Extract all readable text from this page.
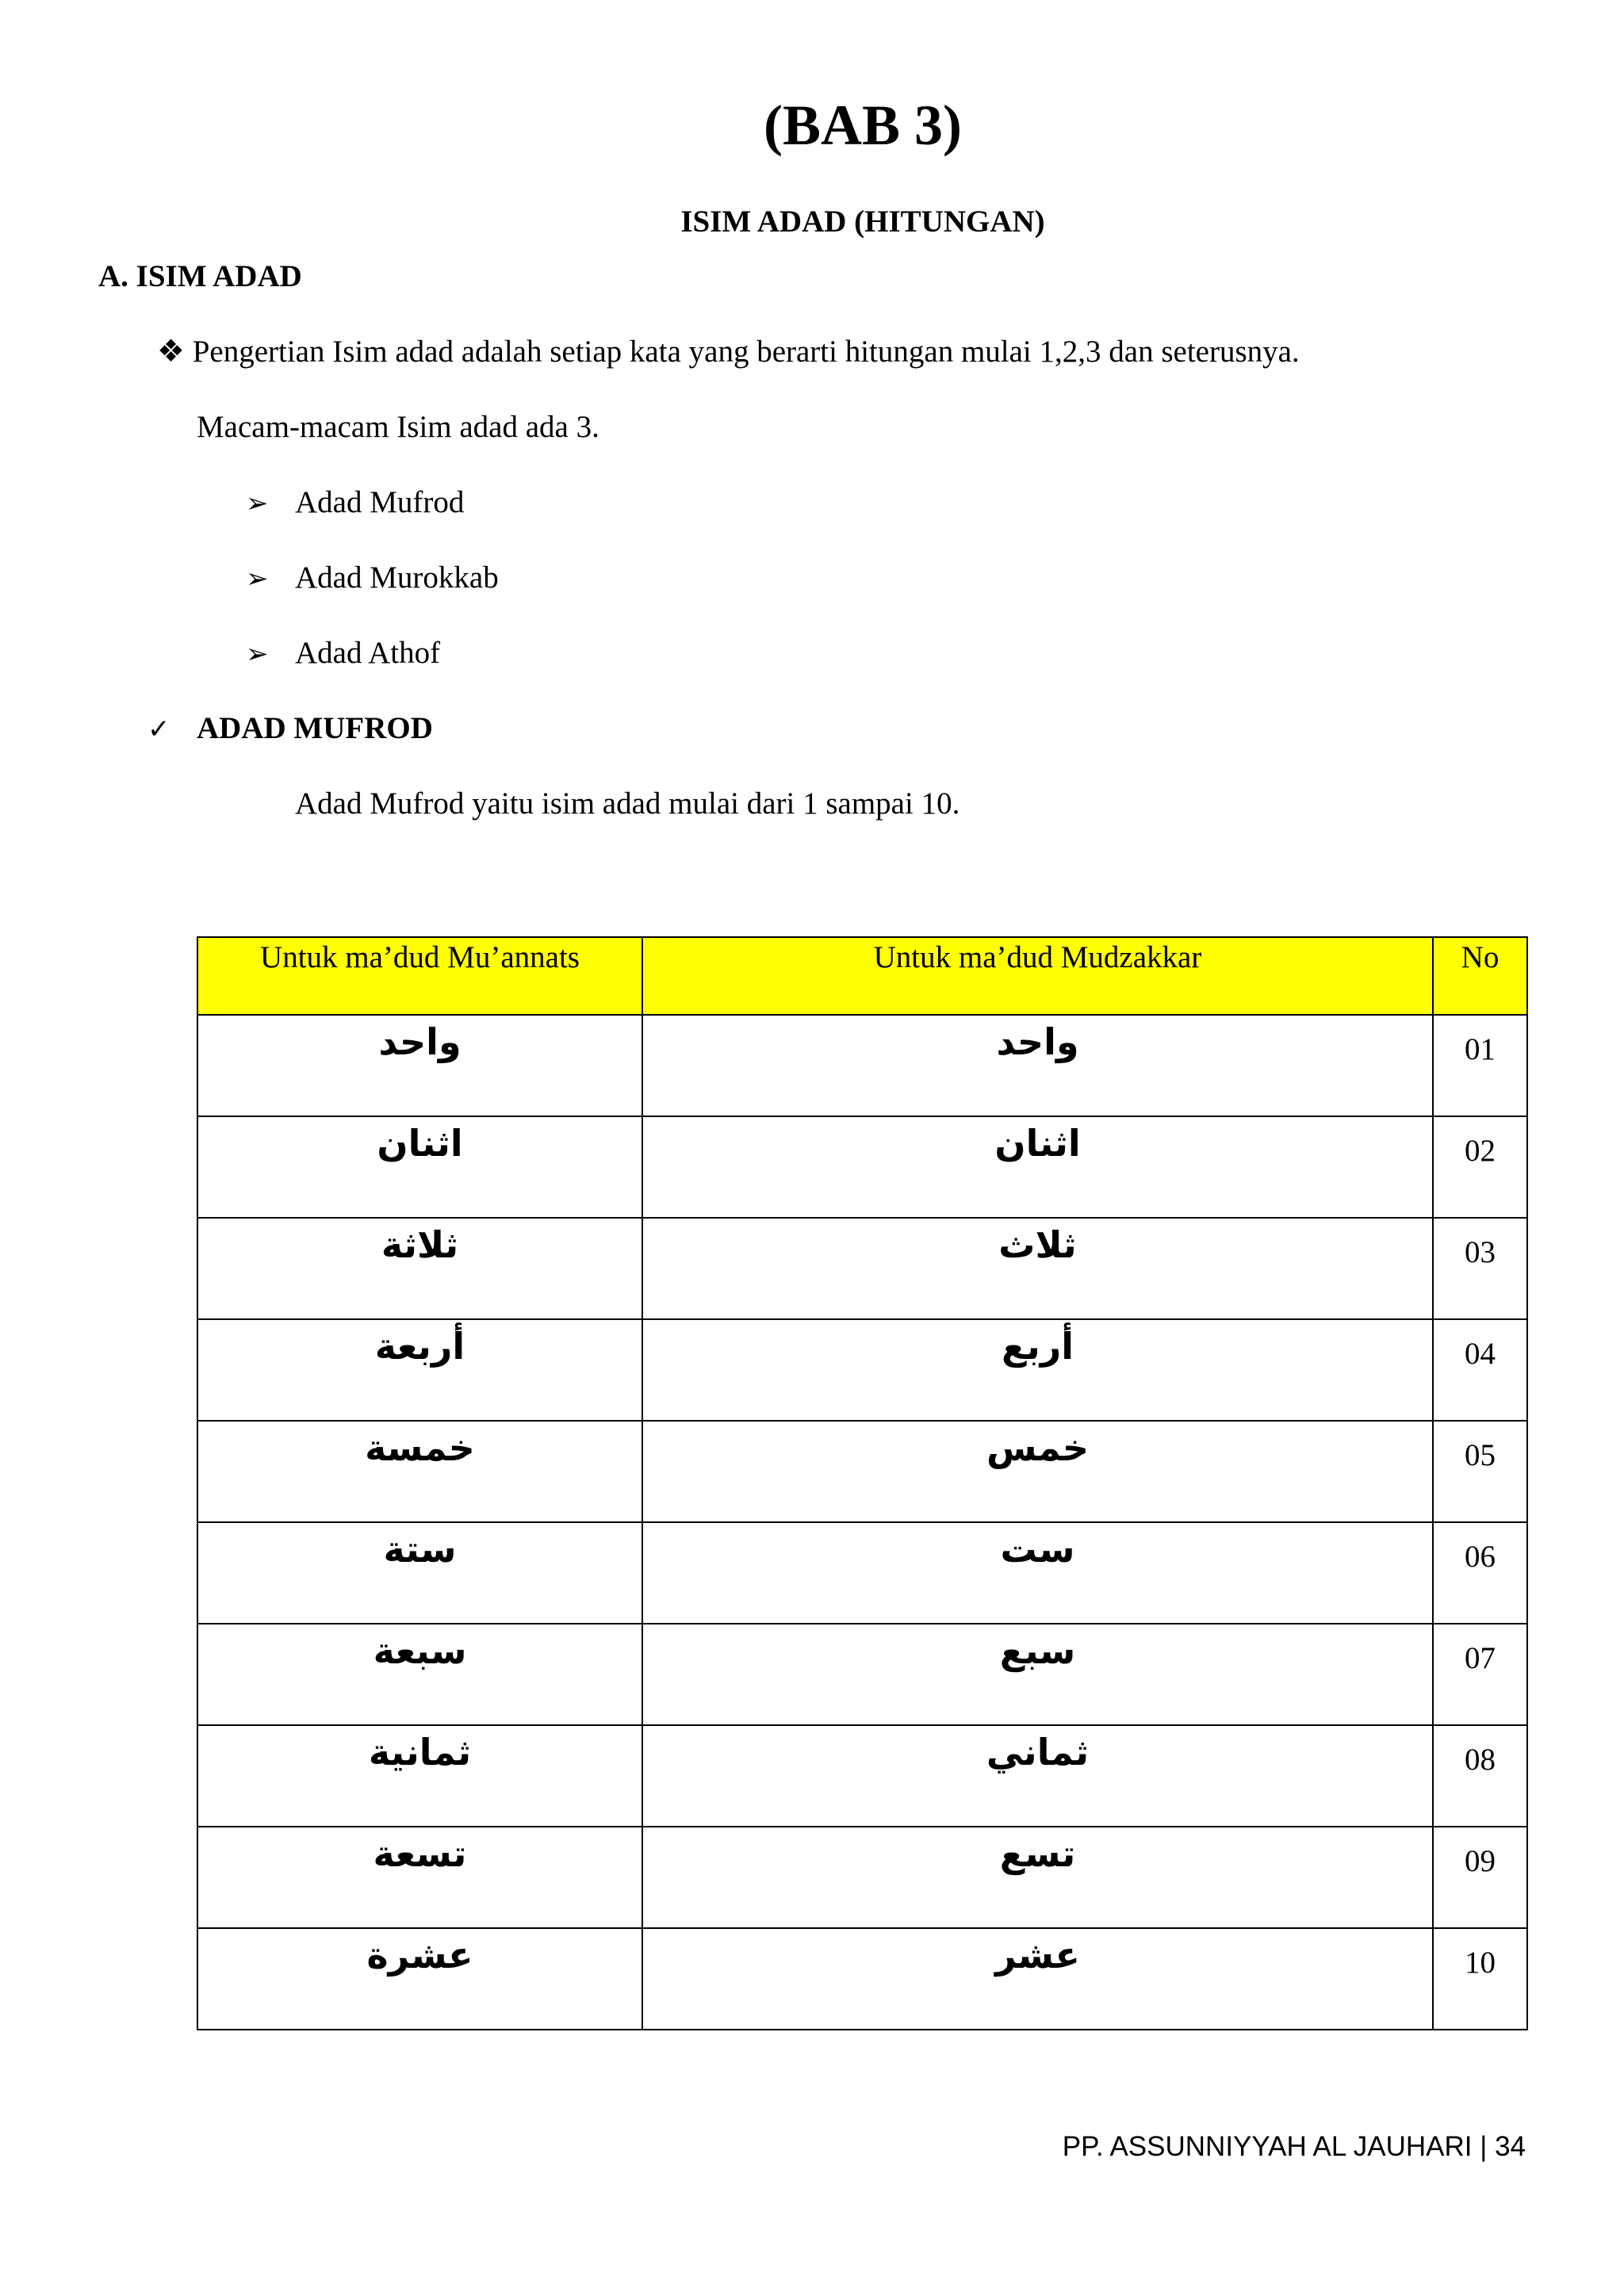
(BAB 3)
ISIM ADAD (HITUNGAN)
A. ISIM ADAD
❖ Pengertian Isim adad adalah setiap kata yang berarti hitungan mulai 1,2,3 dan seterusnya.
Macam-macam Isim adad ada 3.
➢ Adad Mufrod
➢ Adad Murokkab
➢ Adad Athof
✓ ADAD MUFROD
Adad Mufrod yaitu isim adad mulai dari 1 sampai 10.
Untuk ma’dud Mu’annats	Untuk ma’dud Mudzakkar	No

واحد	واحد	01

اثنان	اثنان	02

ثلاثة	ثلاث	03

أربعة	أربع	04

خمسة	خمس	05

ستة	ست	06

سبعة	سبع	07

ثمانية	ثماني	08

تسعة	تسع	09

عشرة	عشر	10
PP. ASSUNNIYYAH AL JAUHARI | 34
